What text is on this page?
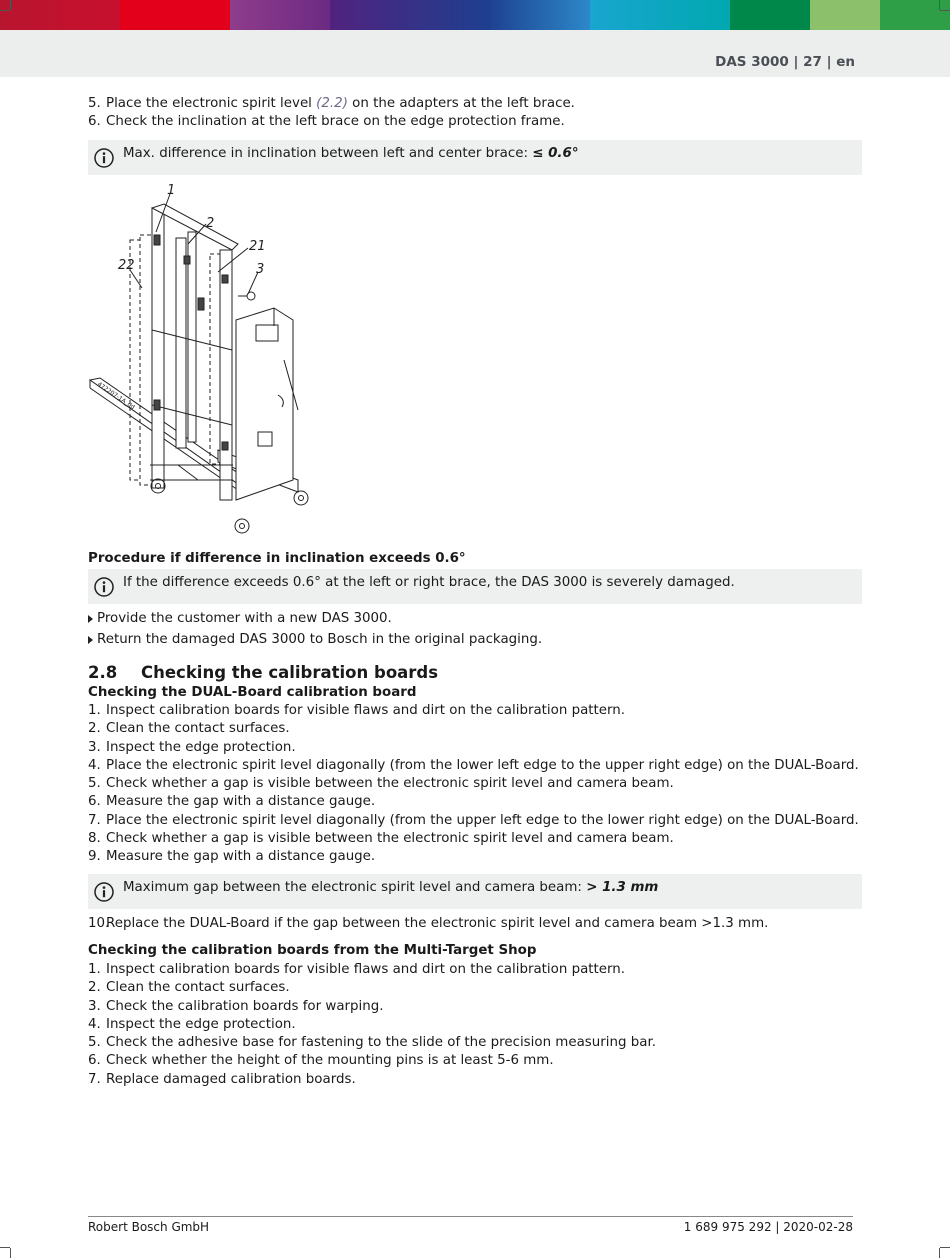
DAS 3000 | 27 | en
5. Place the electronic spirit level (2.2) on the adapters at the left brace.
6. Check the inclination at the left brace on the edge protection frame.
Max. difference in inclination between left and center brace: ≤ 0.6°
1
2
21
22	3
472207-1A_dd
Procedure if difference in inclination exceeds 0.6°
If the difference exceeds 0.6° at the left or right brace, the DAS 3000 is severely damaged.
Provide the customer with a new DAS 3000.
Return the damaged DAS 3000 to Bosch in the original packaging.
2.8	Checking the calibration boards
Checking the DUAL-Board calibration board
1. Inspect calibration boards for visible flaws and dirt on the calibration pattern.
2. Clean the contact surfaces.
3. Inspect the edge protection.
4. Place the electronic spirit level diagonally (from the lower left edge to the upper right edge) on the DUAL-Board.
5. Check whether a gap is visible between the electronic spirit level and camera beam.
6. Measure the gap with a distance gauge.
7. Place the electronic spirit level diagonally (from the upper left edge to the lower right edge) on the DUAL-Board.
8. Check whether a gap is visible between the electronic spirit level and camera beam.
9. Measure the gap with a distance gauge.
Maximum gap between the electronic spirit level and camera beam: > 1.3 mm
10.
Replace the DUAL-Board if the gap between the electronic spirit level and camera beam >1.3 mm.
Checking the calibration boards from the Multi-Target Shop
1. Inspect calibration boards for visible flaws and dirt on the calibration pattern.
2. Clean the contact surfaces.
3. Check the calibration boards for warping.
4. Inspect the edge protection.
5. Check the adhesive base for fastening to the slide of the precision measuring bar.
6. Check whether the height of the mounting pins is at least 5-6 mm.
7. Replace damaged calibration boards.
Robert Bosch GmbH	1 689 975 292 | 2020-02-28
